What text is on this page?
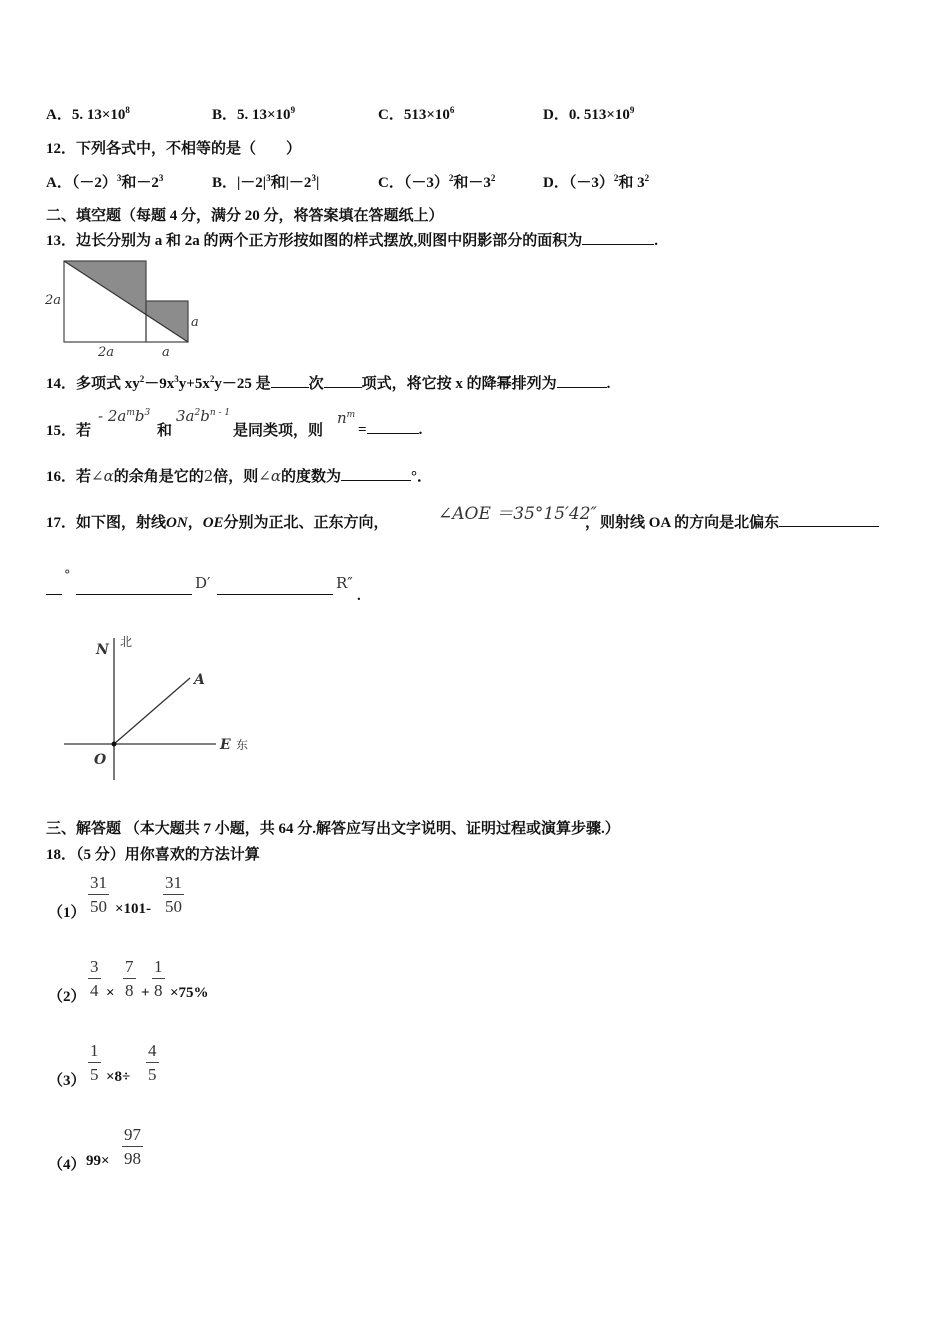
A．5. $13\times 10^8$	B．5. $13\times 10^9$	C．$513\times 10^6$	D．0. $513\times 10^9$
12．下列各式中，不相等的是（　　）
A．$(-2)^3$和$-2^3$	B．$|-2|^3$和$|-2^3|$	C．$(-3)^2$和$-3^2$	D．$(-3)^2$和 $3^2$
二、填空题（每题 4 分，满分 20 分，将答案填在答题纸上）
13．边长分别为 a 和 2a 的两个正方形按如图的样式摆放,则图中阴影部分的面积为	.
2a
2a	a
a
14．多项式 $xy^2-9x^3y+5x^2y-25$ 是	次	项式，将它按 x 的降幂排列为	.
15．若
- $2a^mb^3$
和
$3a^2b^{n - 1}$
是同类项，则
$n^m$
=	.
16．若∠α的余角是它的2倍，则∠α的度数为	°．
17．如下图，射线ON，OE分别为正北、正东方向，	∠AOE ＝35°15′42″
，则射线 OA 的方向是北偏东
°	D′	R″
.
N 北
A
E 东
O
三、解答题 （本大题共 7 小题，共 64 分.解答应写出文字说明、证明过程或演算步骤.）
18．（5 分）用你喜欢的方法计算
$(1) \frac{31}{50} \times 101- \frac{31}{50}$
$(2) \frac{3}{4} \times \frac{7}{8} + \frac{1}{8} \times 75\%$
$(3) \frac{1}{5} \times 8\div \frac{4}{5}$
（4） $99\times \frac{97}{98}$
